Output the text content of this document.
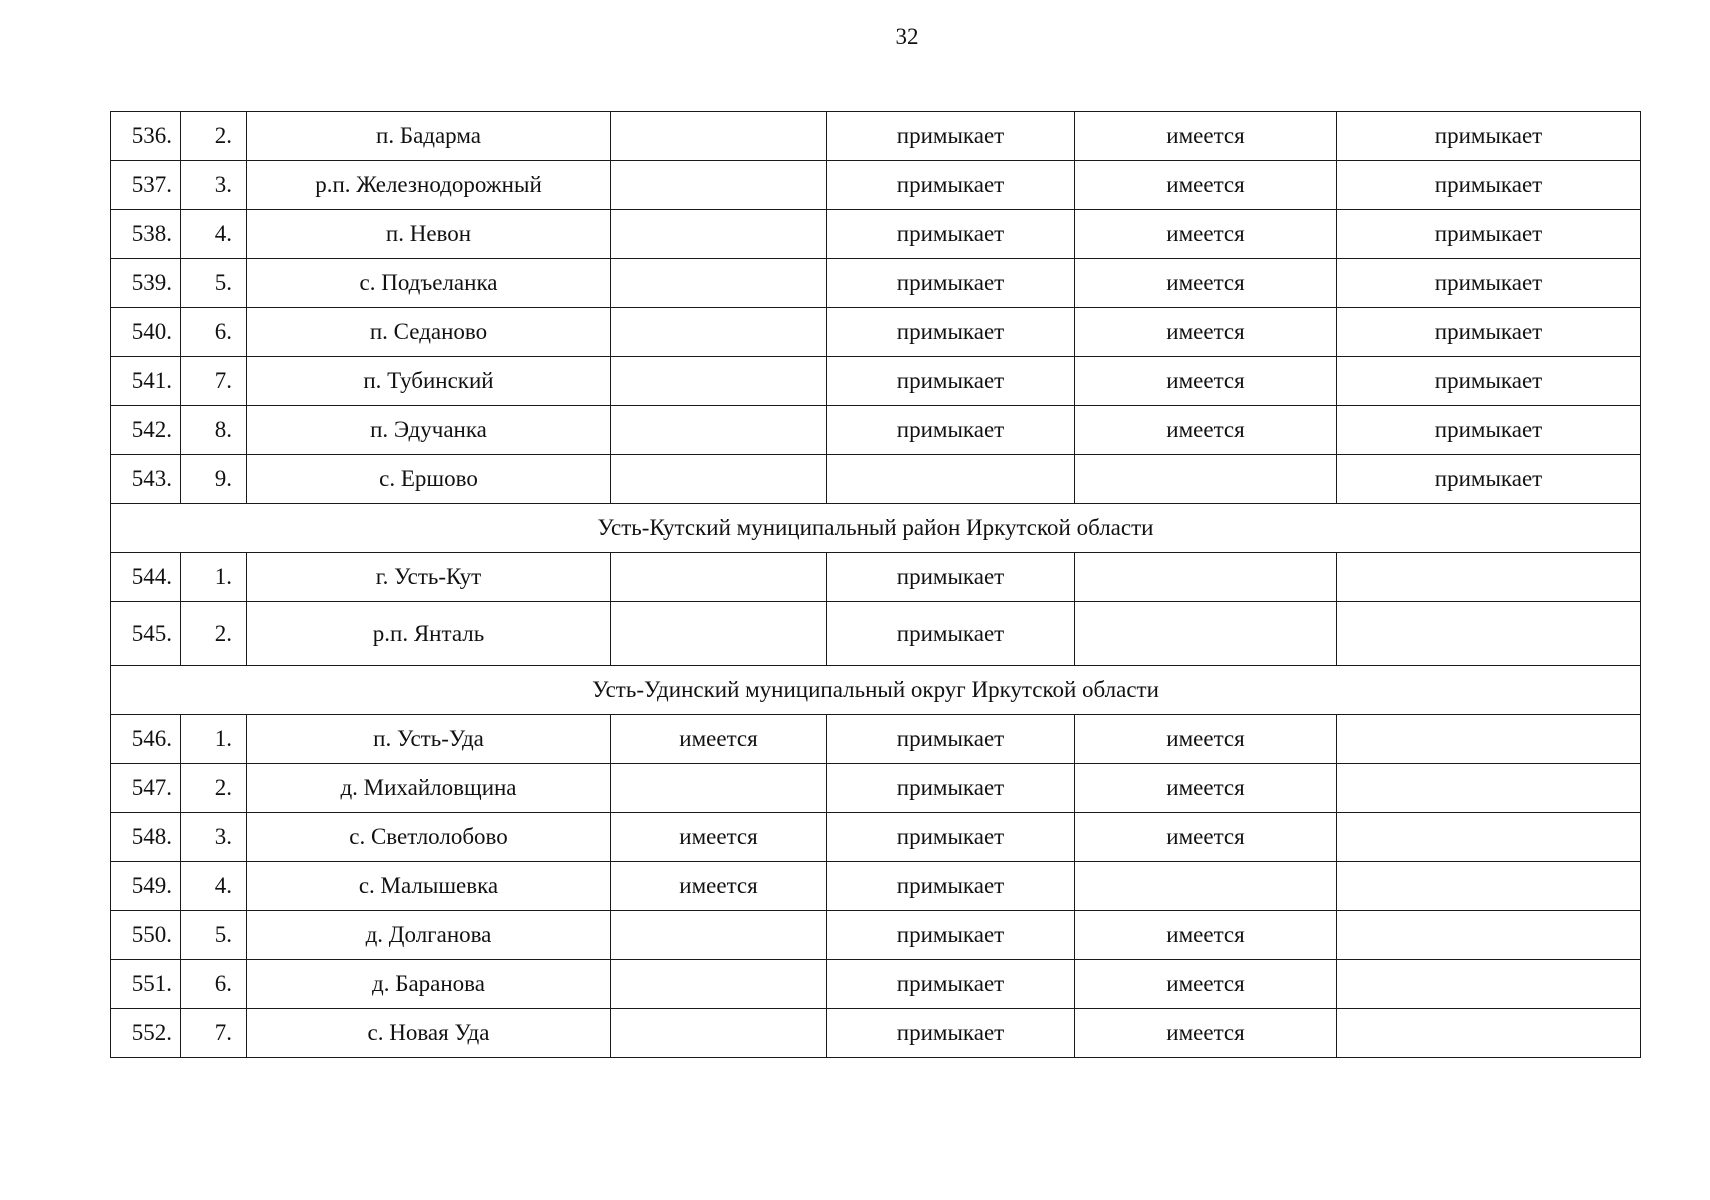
32
536.	2.	п. Бадарма		примыкает	имеется	примыкает
537.	3.	р.п. Железнодорожный		примыкает	имеется	примыкает
538.	4.	п. Невон		примыкает	имеется	примыкает
539.	5.	с. Подъеланка		примыкает	имеется	примыкает
540.	6.	п. Седаново		примыкает	имеется	примыкает
541.	7.	п. Тубинский		примыкает	имеется	примыкает
542.	8.	п. Эдучанка		примыкает	имеется	примыкает
543.	9.	с. Ершово				примыкает
Усть-Кутский муниципальный район Иркутской области						
544.	1.	г. Усть-Кут		примыкает		
545.	2.	р.п. Янталь		примыкает		
Усть-Удинский муниципальный округ Иркутской области						
546.	1.	п. Усть-Уда	имеется	примыкает	имеется	
547.	2.	д. Михайловщина		примыкает	имеется	
548.	3.	с. Светлолобово	имеется	примыкает	имеется	
549.	4.	с. Малышевка	имеется	примыкает		
550.	5.	д. Долганова		примыкает	имеется	
551.	6.	д. Баранова		примыкает	имеется	
552.	7.	с. Новая Уда		примыкает	имеется	
